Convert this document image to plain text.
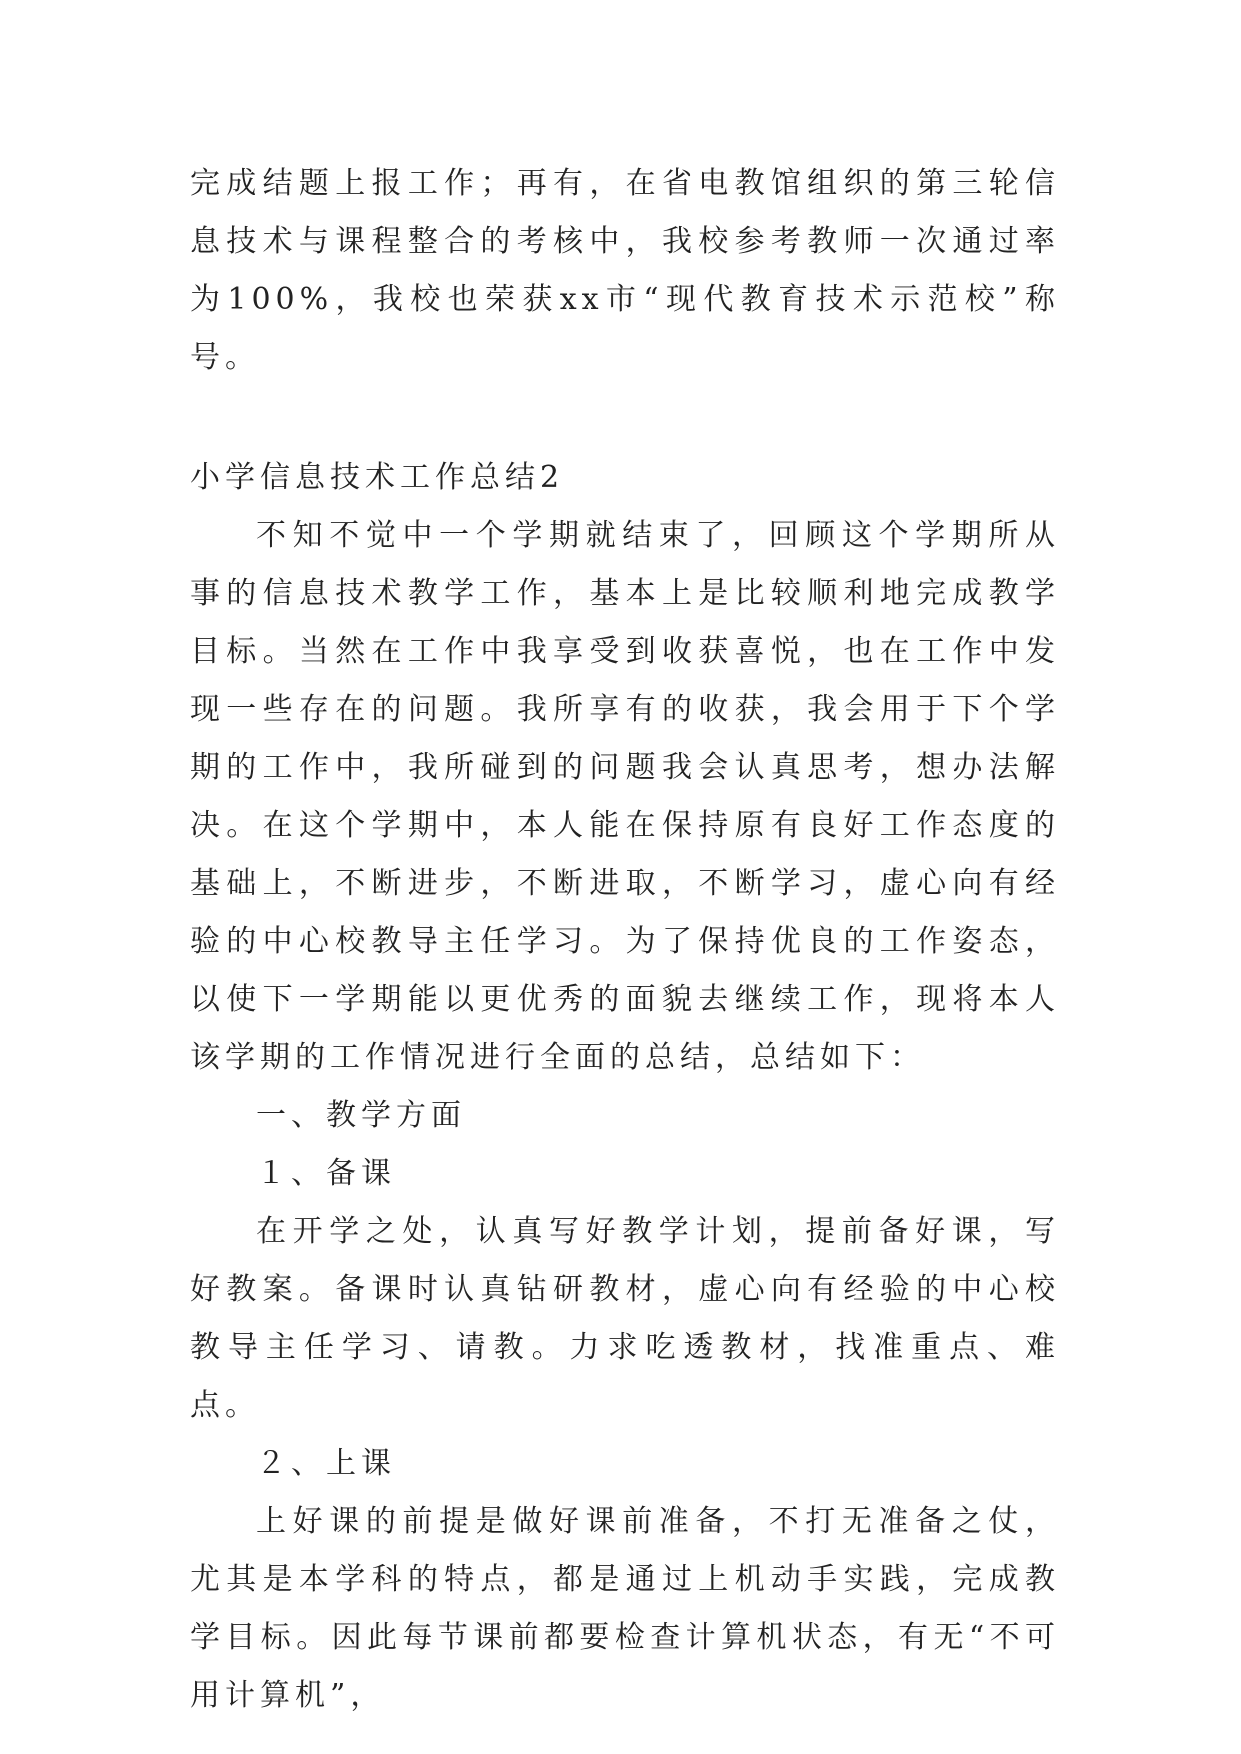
完成结题上报工作；再有，在省电教馆组织的第三轮信息技术与课程整合的考核中，我校参考教师一次通过率为100%，我校也荣获xx市“现代教育技术示范校”称号。

小学信息技术工作总结2

不知不觉中一个学期就结束了，回顾这个学期所从事的信息技术教学工作，基本上是比较顺利地完成教学目标。当然在工作中我享受到收获喜悦，也在工作中发现一些存在的问题。我所享有的收获，我会用于下个学期的工作中，我所碰到的问题我会认真思考，想办法解决。在这个学期中，本人能在保持原有良好工作态度的基础上，不断进步，不断进取，不断学习，虚心向有经验的中心校教导主任学习。为了保持优良的工作姿态，以使下一学期能以更优秀的面貌去继续工作，现将本人该学期的工作情况进行全面的总结，总结如下：

一、教学方面

１、备课

在开学之处，认真写好教学计划，提前备好课，写好教案。备课时认真钻研教材，虚心向有经验的中心校教导主任学习、请教。力求吃透教材，找准重点、难点。

２、上课

上好课的前提是做好课前准备，不打无准备之仗，尤其是本学科的特点，都是通过上机动手实践，完成教学目标。因此每节课前都要检查计算机状态，有无“不可用计算机”，
